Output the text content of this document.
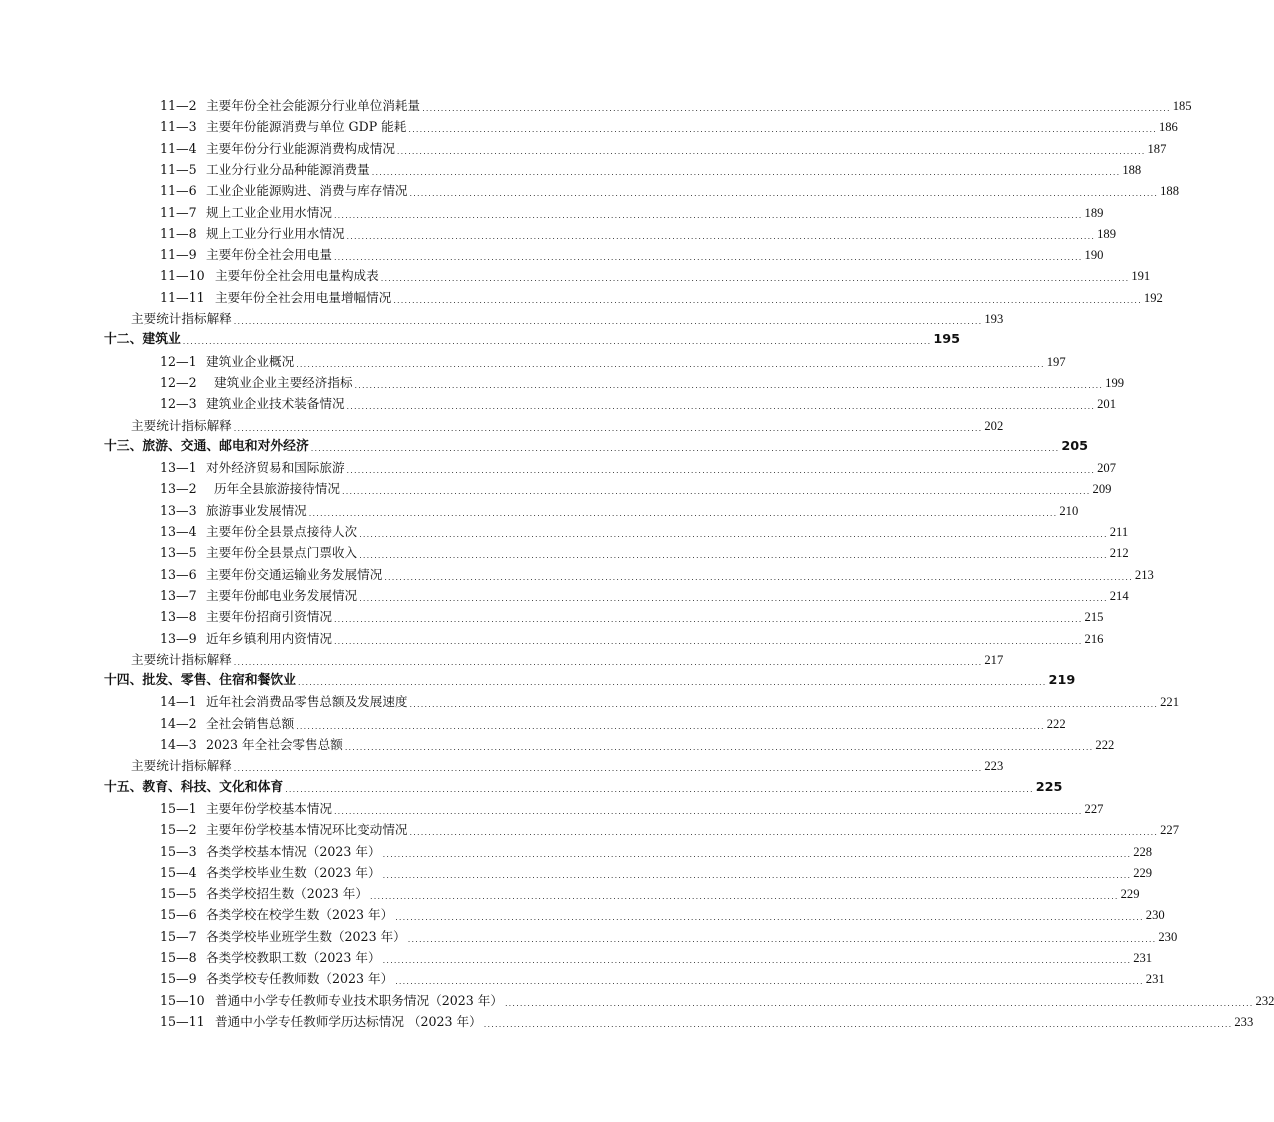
11—2 主要年份全社会能源分行业单位消耗量 ........................................................................................................................................................................................................ 185
11—3 主要年份能源消费与单位 GDP 能耗 ........................................................................................................................................................................................................ 186
11—4 主要年份分行业能源消费构成情况 ........................................................................................................................................................................................................ 187
11—5 工业分行业分品种能源消费量 ........................................................................................................................................................................................................ 188
11—6 工业企业能源购进、消费与库存情况 ........................................................................................................................................................................................................ 188
11—7 规上工业企业用水情况 ........................................................................................................................................................................................................ 189
11—8 规上工业分行业用水情况 ........................................................................................................................................................................................................ 189
11—9 主要年份全社会用电量 ........................................................................................................................................................................................................ 190
11—10 主要年份全社会用电量构成表 ........................................................................................................................................................................................................ 191
11—11 主要年份全社会用电量增幅情况 ........................................................................................................................................................................................................ 192
主要统计指标解释 ........................................................................................................................................................................................................ 193
十二、建筑业 ........................................................................................................................................................................................................ 195
12—1 建筑业企业概况 ........................................................................................................................................................................................................ 197
12—2 建筑业企业主要经济指标 ........................................................................................................................................................................................................ 199
12—3 建筑业企业技术装备情况 ........................................................................................................................................................................................................ 201
主要统计指标解释 ........................................................................................................................................................................................................ 202
十三、旅游、交通、邮电和对外经济 ........................................................................................................................................................................................................ 205
13—1 对外经济贸易和国际旅游 ........................................................................................................................................................................................................ 207
13—2 历年全县旅游接待情况 ........................................................................................................................................................................................................ 209
13—3 旅游事业发展情况 ........................................................................................................................................................................................................ 210
13—4 主要年份全县景点接待人次 ........................................................................................................................................................................................................ 211
13—5 主要年份全县景点门票收入 ........................................................................................................................................................................................................ 212
13—6 主要年份交通运输业务发展情况 ........................................................................................................................................................................................................ 213
13—7 主要年份邮电业务发展情况 ........................................................................................................................................................................................................ 214
13—8 主要年份招商引资情况 ........................................................................................................................................................................................................ 215
13—9 近年乡镇利用内资情况 ........................................................................................................................................................................................................ 216
主要统计指标解释 ........................................................................................................................................................................................................ 217
十四、批发、零售、住宿和餐饮业 ........................................................................................................................................................................................................ 219
14—1 近年社会消费品零售总额及发展速度 ........................................................................................................................................................................................................ 221
14—2 全社会销售总额 ........................................................................................................................................................................................................ 222
14—3 2023 年全社会零售总额 ........................................................................................................................................................................................................ 222
主要统计指标解释 ........................................................................................................................................................................................................ 223
十五、教育、科技、文化和体育 ........................................................................................................................................................................................................ 225
15—1 主要年份学校基本情况 ........................................................................................................................................................................................................ 227
15—2 主要年份学校基本情况环比变动情况 ........................................................................................................................................................................................................ 227
15—3 各类学校基本情况（2023 年） ........................................................................................................................................................................................................ 228
15—4 各类学校毕业生数（2023 年） ........................................................................................................................................................................................................ 229
15—5 各类学校招生数（2023 年） ........................................................................................................................................................................................................ 229
15—6 各类学校在校学生数（2023 年） ........................................................................................................................................................................................................ 230
15—7 各类学校毕业班学生数（2023 年） ........................................................................................................................................................................................................ 230
15—8 各类学校教职工数（2023 年） ........................................................................................................................................................................................................ 231
15—9 各类学校专任教师数（2023 年） ........................................................................................................................................................................................................ 231
15—10 普通中小学专任教师专业技术职务情况（2023 年） ........................................................................................................................................................................................................ 232
15—11 普通中小学专任教师学历达标情况 （2023 年） ........................................................................................................................................................................................................ 233
